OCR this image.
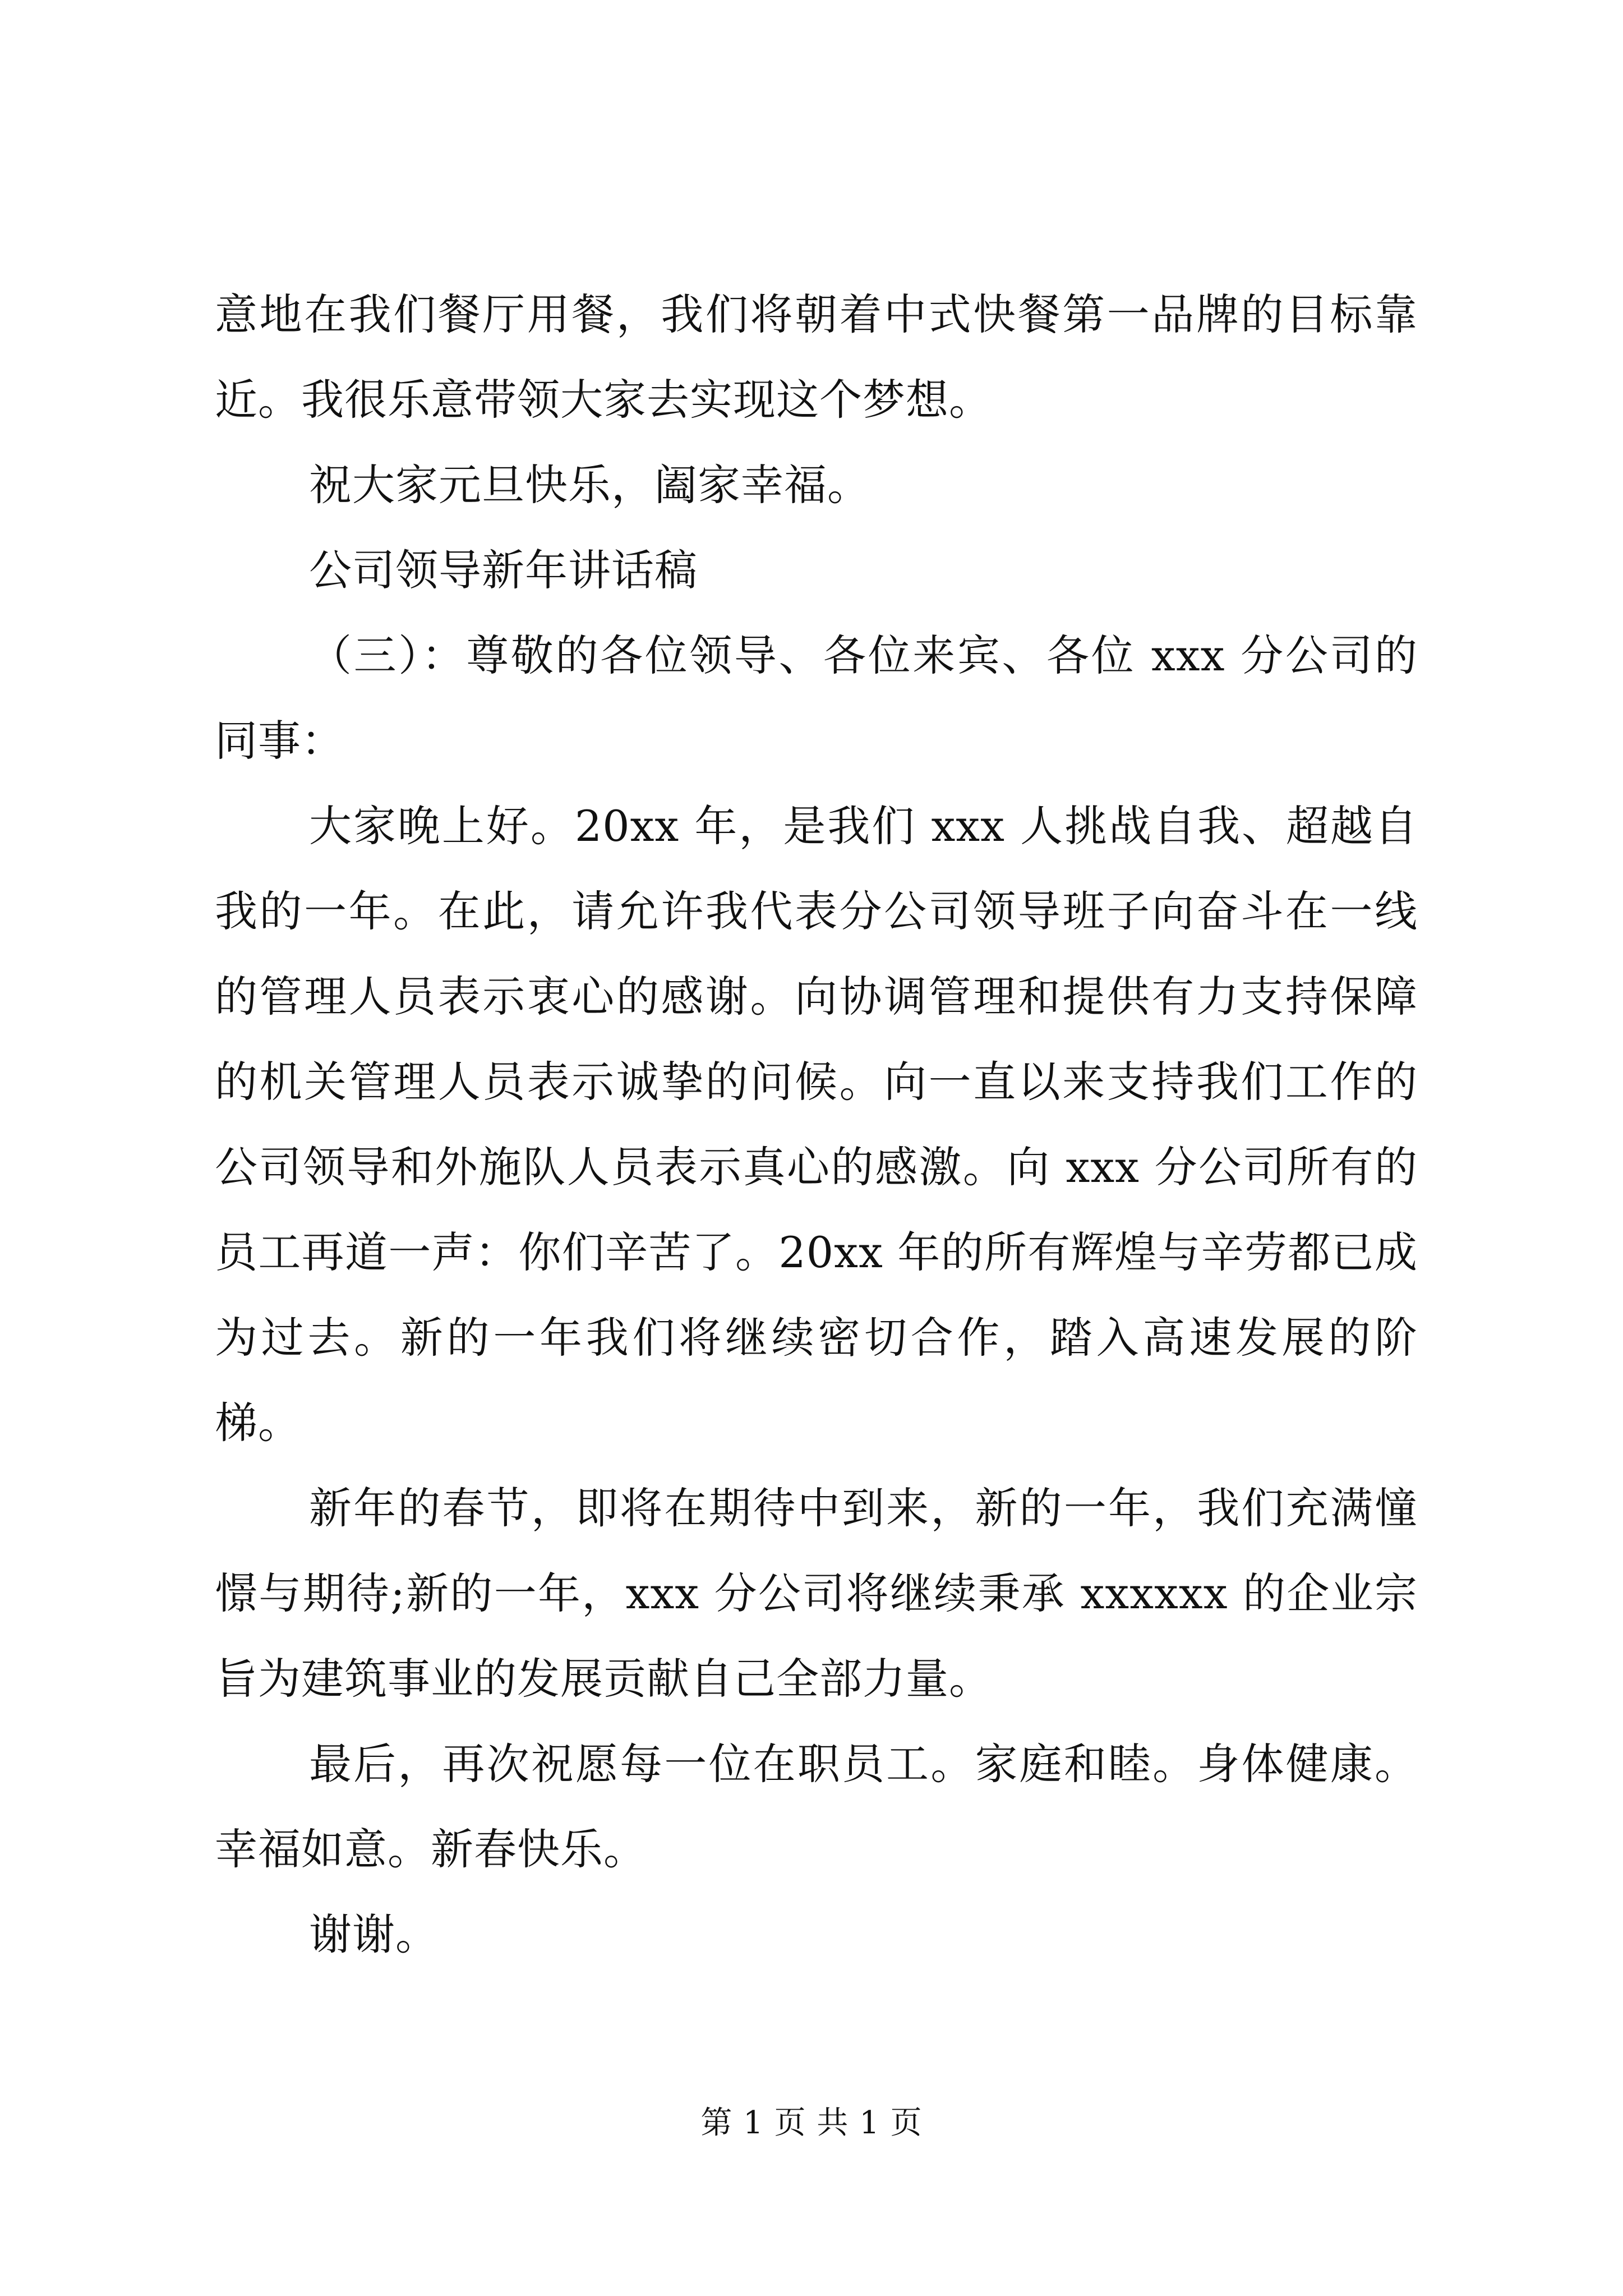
意地在我们餐厅用餐，我们将朝着中式快餐第一品牌的目标靠近。我很乐意带领大家去实现这个梦想。

祝大家元旦快乐，阖家幸福。

公司领导新年讲话稿

（三）：尊敬的各位领导、各位来宾、各位 xxx 分公司的同事：

大家晚上好。20xx 年，是我们 xxx 人挑战自我、超越自我的一年。在此，请允许我代表分公司领导班子向奋斗在一线的管理人员表示衷心的感谢。向协调管理和提供有力支持保障的机关管理人员表示诚挚的问候。向一直以来支持我们工作的公司领导和外施队人员表示真心的感激。向 xxx 分公司所有的员工再道一声：你们辛苦了。20xx 年的所有辉煌与辛劳都已成为过去。新的一年我们将继续密切合作，踏入高速发展的阶梯。

新年的春节，即将在期待中到来，新的一年，我们充满憧憬与期待;新的一年，xxx 分公司将继续秉承 xxxxxx 的企业宗旨为建筑事业的发展贡献自己全部力量。

最后，再次祝愿每一位在职员工。家庭和睦。身体健康。幸福如意。新春快乐。

谢谢。

第 1 页 共 1 页
